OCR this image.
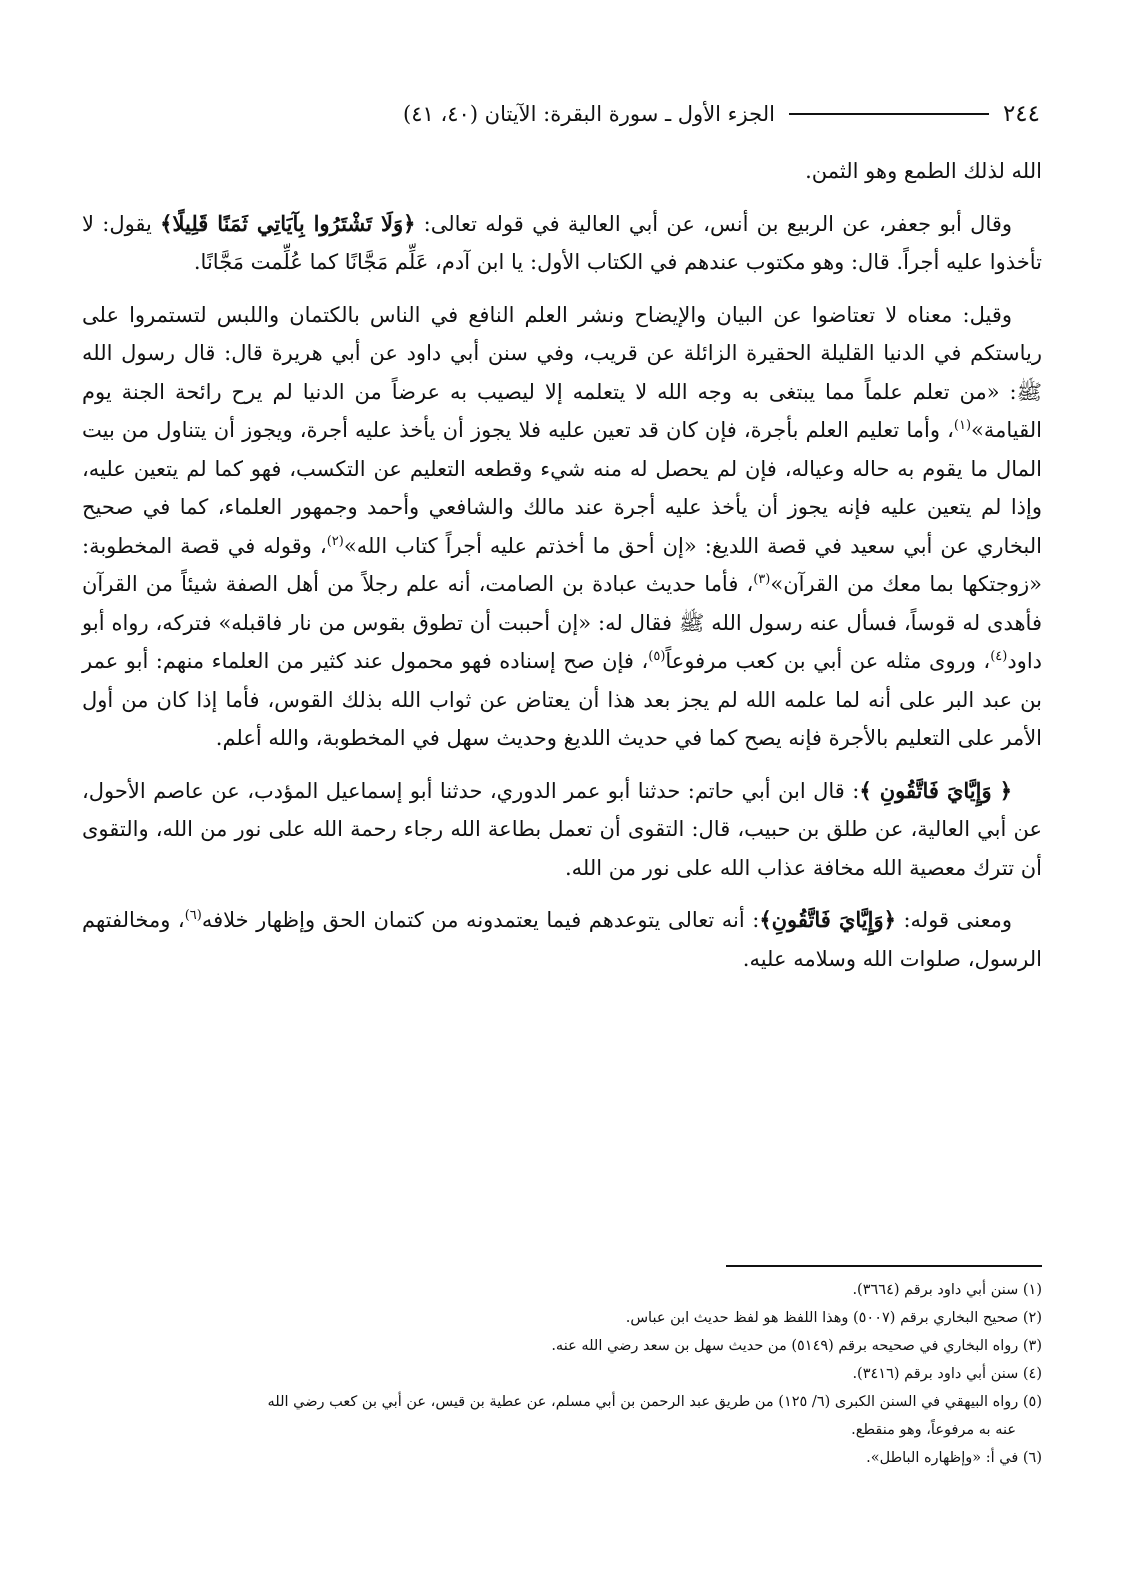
٢٤٤
الجزء الأول ـ سورة البقرة: الآيتان (٤٠، ٤١)

الله لذلك الطمع وهو الثمن.

وقال أبو جعفر، عن الربيع بن أنس، عن أبي العالية في قوله تعالى: ﴿وَلَا تَشْتَرُوا بِآيَاتِي ثَمَنًا قَلِيلًا﴾ يقول: لا تأخذوا عليه أجراً. قال: وهو مكتوب عندهم في الكتاب الأول: يا ابن آدم، عَلِّم مَجَّانًا كما عُلِّمت مَجَّانًا.

وقيل: معناه لا تعتاضوا عن البيان والإيضاح ونشر العلم النافع في الناس بالكتمان واللبس لتستمروا على رياستكم في الدنيا القليلة الحقيرة الزائلة عن قريب، وفي سنن أبي داود عن أبي هريرة قال: قال رسول الله ﷺ: «من تعلم علماً مما يبتغى به وجه الله لا يتعلمه إلا ليصيب به عرضاً من الدنيا لم يرح رائحة الجنة يوم القيامة»$^{(١)}$، وأما تعليم العلم بأجرة، فإن كان قد تعين عليه فلا يجوز أن يأخذ عليه أجرة، ويجوز أن يتناول من بيت المال ما يقوم به حاله وعياله، فإن لم يحصل له منه شيء وقطعه التعليم عن التكسب، فهو كما لم يتعين عليه، وإذا لم يتعين عليه فإنه يجوز أن يأخذ عليه أجرة عند مالك والشافعي وأحمد وجمهور العلماء، كما في صحيح البخاري عن أبي سعيد في قصة اللديغ: «إن أحق ما أخذتم عليه أجراً كتاب الله»$^{(٢)}$، وقوله في قصة المخطوبة: «زوجتكها بما معك من القرآن»$^{(٣)}$، فأما حديث عبادة بن الصامت، أنه علم رجلاً من أهل الصفة شيئاً من القرآن فأهدى له قوساً، فسأل عنه رسول الله ﷺ فقال له: «إن أحببت أن تطوق بقوس من نار فاقبله» فتركه، رواه أبو داود$^{(٤)}$، وروى مثله عن أبي بن كعب مرفوعاً$^{(٥)}$، فإن صح إسناده فهو محمول عند كثير من العلماء منهم: أبو عمر بن عبد البر على أنه لما علمه الله لم يجز بعد هذا أن يعتاض عن ثواب الله بذلك القوس، فأما إذا كان من أول الأمر على التعليم بالأجرة فإنه يصح كما في حديث اللديغ وحديث سهل في المخطوبة، والله أعلم.

﴿ وَإِيَّايَ فَاتَّقُونِ ﴾: قال ابن أبي حاتم: حدثنا أبو عمر الدوري، حدثنا أبو إسماعيل المؤدب، عن عاصم الأحول، عن أبي العالية، عن طلق بن حبيب، قال: التقوى أن تعمل بطاعة الله رجاء رحمة الله على نور من الله، والتقوى أن تترك معصية الله مخافة عذاب الله على نور من الله.

ومعنى قوله: ﴿وَإِيَّايَ فَاتَّقُونِ﴾: أنه تعالى يتوعدهم فيما يعتمدونه من كتمان الحق وإظهار خلافه$^{(٦)}$، ومخالفتهم الرسول، صلوات الله وسلامه عليه.

(١) سنن أبي داود برقم (٣٦٦٤).

(٢) صحيح البخاري برقم (٥٠٠٧) وهذا اللفظ هو لفظ حديث ابن عباس.

(٣) رواه البخاري في صحيحه برقم (٥١٤٩) من حديث سهل بن سعد رضي الله عنه.

(٤) سنن أبي داود برقم (٣٤١٦).

(٥) رواه البيهقي في السنن الكبرى (٦/ ١٢٥) من طريق عبد الرحمن بن أبي مسلم، عن عطية بن قيس، عن أبي بن كعب رضي الله

عنه به مرفوعاً، وهو منقطع.

(٦) في أ: «وإظهاره الباطل».
